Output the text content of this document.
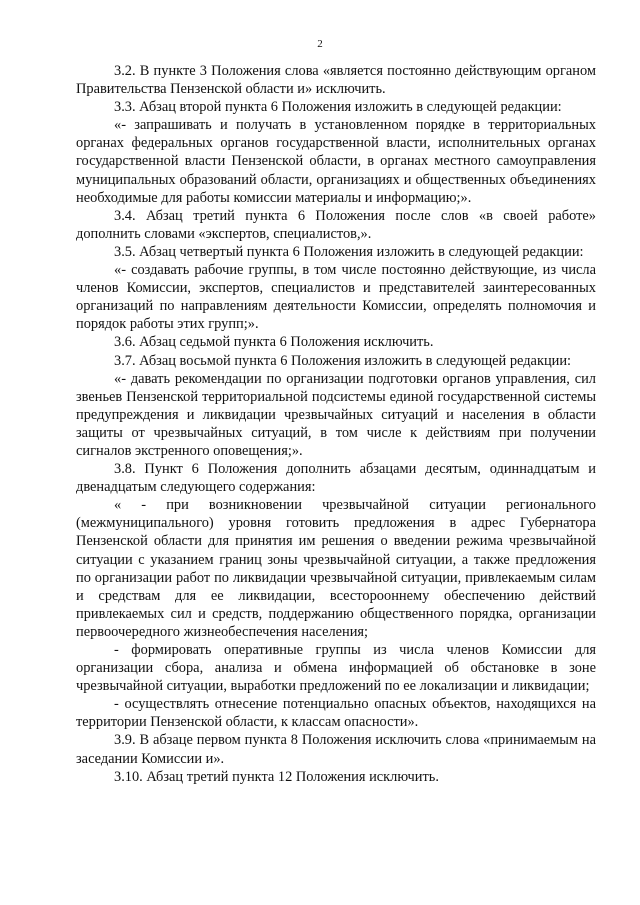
2

3.2. В пункте 3 Положения слова «является постоянно действующим органом Правительства Пензенской области и» исключить.

3.3. Абзац второй пункта 6 Положения изложить в следующей редакции:

«- запрашивать и получать в установленном порядке в территориальных органах федеральных органов государственной власти, исполнительных органах государственной власти Пензенской области, в органах местного самоуправления муниципальных образований области, организациях и общественных объединениях необходимые для работы комиссии материалы и информацию;».

3.4. Абзац третий пункта 6 Положения после слов «в своей работе» дополнить словами «экспертов, специалистов,».

3.5. Абзац четвертый пункта 6 Положения изложить в следующей редакции:

«- создавать рабочие группы, в том числе постоянно действующие, из числа членов Комиссии, экспертов, специалистов и представителей заинтересованных организаций по направлениям деятельности Комиссии, определять полномочия и порядок работы этих групп;».

3.6. Абзац седьмой пункта 6 Положения исключить.

3.7. Абзац восьмой пункта 6 Положения изложить в следующей редакции:

«- давать рекомендации по организации подготовки органов управления, сил звеньев Пензенской территориальной подсистемы единой государственной системы предупреждения и ликвидации чрезвычайных ситуаций и населения в области защиты от чрезвычайных ситуаций, в том числе к действиям при получении сигналов экстренного оповещения;».

3.8. Пункт 6 Положения дополнить абзацами десятым, одиннадцатым и двенадцатым следующего содержания:

« - при возникновении чрезвычайной ситуации регионального (межмуниципального) уровня готовить предложения в адрес Губернатора Пензенской области для принятия им решения о введении режима чрезвычайной ситуации с указанием границ зоны чрезвычайной ситуации, а также предложения по организации работ по ликвидации чрезвычайной ситуации, привлекаемым силам и средствам для ее ликвидации, всесторооннему обеспечению действий привлекаемых сил и средств, поддержанию общественного порядка, организации первоочередного жизнеобеспечения населения;

- формировать оперативные группы из числа членов Комиссии для организации сбора, анализа и обмена информацией об обстановке в зоне чрезвычайной ситуации, выработки предложений по ее локализации и ликвидации;

- осуществлять отнесение потенциально опасных объектов, находящихся на территории Пензенской области, к классам опасности».

3.9. В абзаце первом пункта 8 Положения исключить слова «принимаемым на заседании Комиссии и».

3.10. Абзац третий пункта 12 Положения исключить.
